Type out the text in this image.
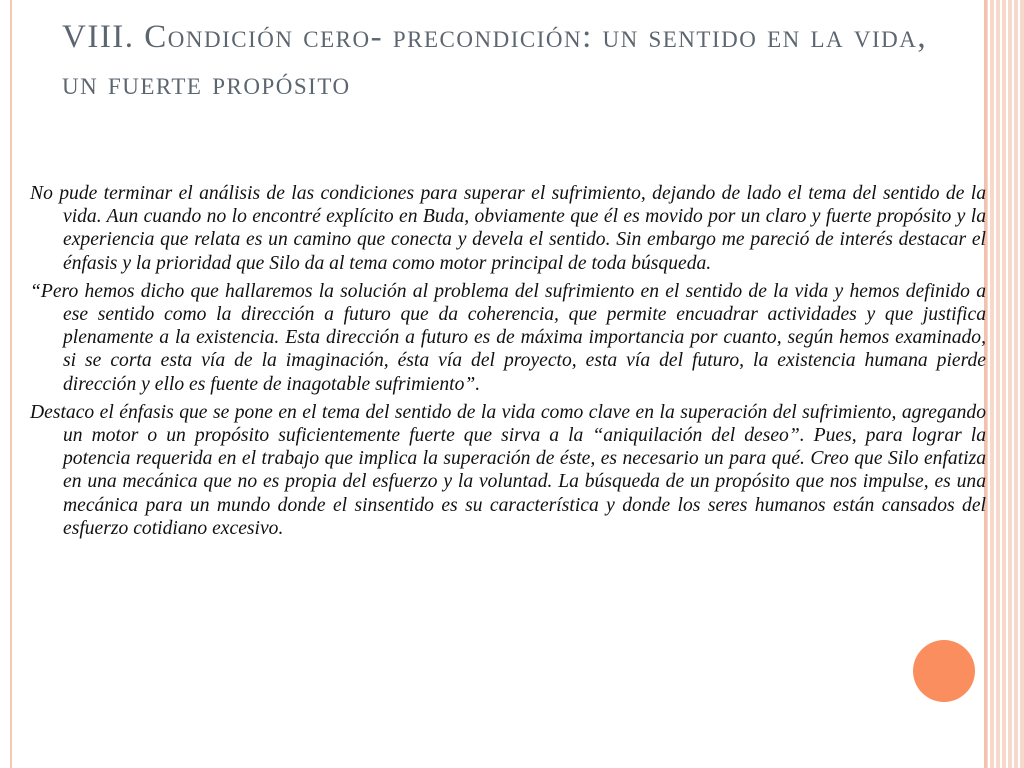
VIII. Condición cero- precondición: un sentido en la vida, un fuerte propósito

No pude terminar el análisis de las condiciones para superar el sufrimiento, dejando de lado el tema del sentido de la vida. Aun cuando no lo encontré explícito en Buda, obviamente que él es movido por un claro y fuerte propósito y la experiencia que relata es un camino que conecta y devela el sentido. Sin embargo me pareció de interés destacar el énfasis y la prioridad que Silo da al tema como motor principal de toda búsqueda.

“Pero hemos dicho que hallaremos la solución al problema del sufrimiento en el sentido de la vida y hemos definido a ese sentido como la dirección a futuro que da coherencia, que permite encuadrar actividades y que justifica plenamente a la existencia. Esta dirección a futuro es de máxima importancia por cuanto, según hemos examinado, si se corta esta vía de la imaginación, ésta vía del proyecto, esta vía del futuro, la existencia humana pierde dirección y ello es fuente de inagotable sufrimiento”.

Destaco el énfasis que se pone en el tema del sentido de la vida como clave en la superación del sufrimiento, agregando un motor o un propósito suficientemente fuerte que sirva a la “aniquilación del deseo”. Pues, para lograr la potencia requerida en el trabajo que implica la superación de éste, es necesario un para qué. Creo que Silo enfatiza en una mecánica que no es propia del esfuerzo y la voluntad. La búsqueda de un propósito que nos impulse, es una mecánica para un mundo donde el sinsentido es su característica y donde los seres humanos están cansados del esfuerzo cotidiano excesivo.
